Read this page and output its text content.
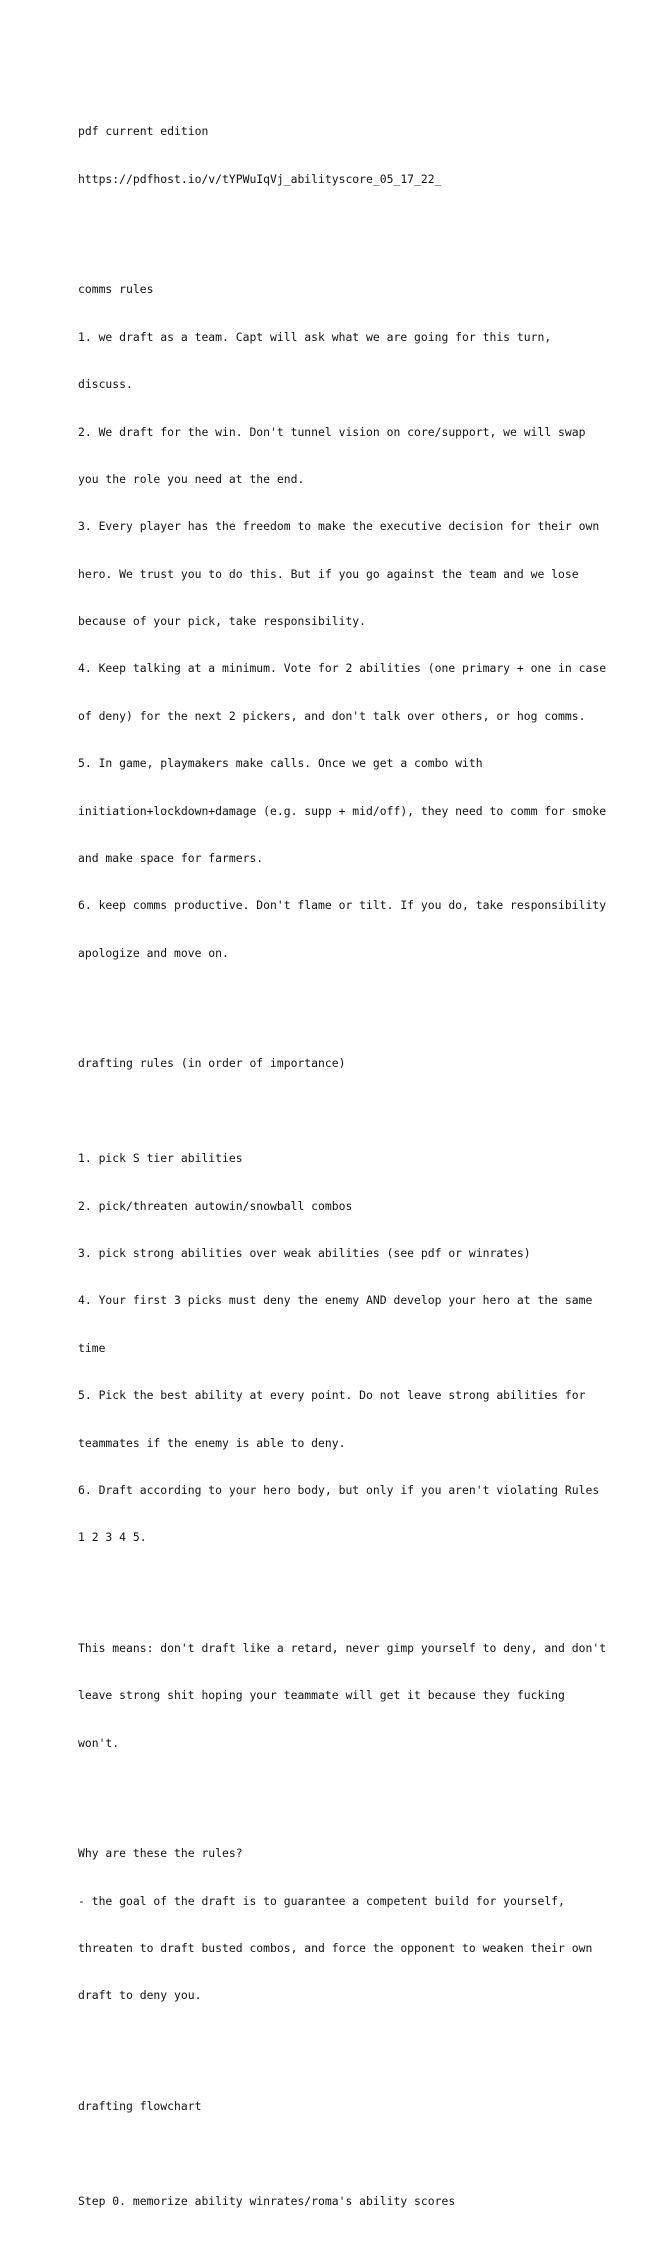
pdf current edition

https://pdfhost.io/v/tYPWuIqVj_abilityscore_05_17_22_

comms rules

1. we draft as a team. Capt will ask what we are going for this turn,

discuss.

2. We draft for the win. Don't tunnel vision on core/support, we will swap

you the role you need at the end.

3. Every player has the freedom to make the executive decision for their own

hero. We trust you to do this. But if you go against the team and we lose

because of your pick, take responsibility.

4. Keep talking at a minimum. Vote for 2 abilities (one primary + one in case

of deny) for the next 2 pickers, and don't talk over others, or hog comms.

5. In game, playmakers make calls. Once we get a combo with

initiation+lockdown+damage (e.g. supp + mid/off), they need to comm for smoke

and make space for farmers.

6. keep comms productive. Don't flame or tilt. If you do, take responsibility

apologize and move on.

drafting rules (in order of importance)

1. pick S tier abilities

2. pick/threaten autowin/snowball combos

3. pick strong abilities over weak abilities (see pdf or winrates)

4. Your first 3 picks must deny the enemy AND develop your hero at the same

time

5. Pick the best ability at every point. Do not leave strong abilities for

teammates if the enemy is able to deny.

6. Draft according to your hero body, but only if you aren't violating Rules

1 2 3 4 5.

This means: don't draft like a retard, never gimp yourself to deny, and don't

leave strong shit hoping your teammate will get it because they fucking

won't.

Why are these the rules?

- the goal of the draft is to guarantee a competent build for yourself,

threaten to draft busted combos, and force the opponent to weaken their own

draft to deny you.

drafting flowchart

Step 0. memorize ability winrates/roma's ability scores
